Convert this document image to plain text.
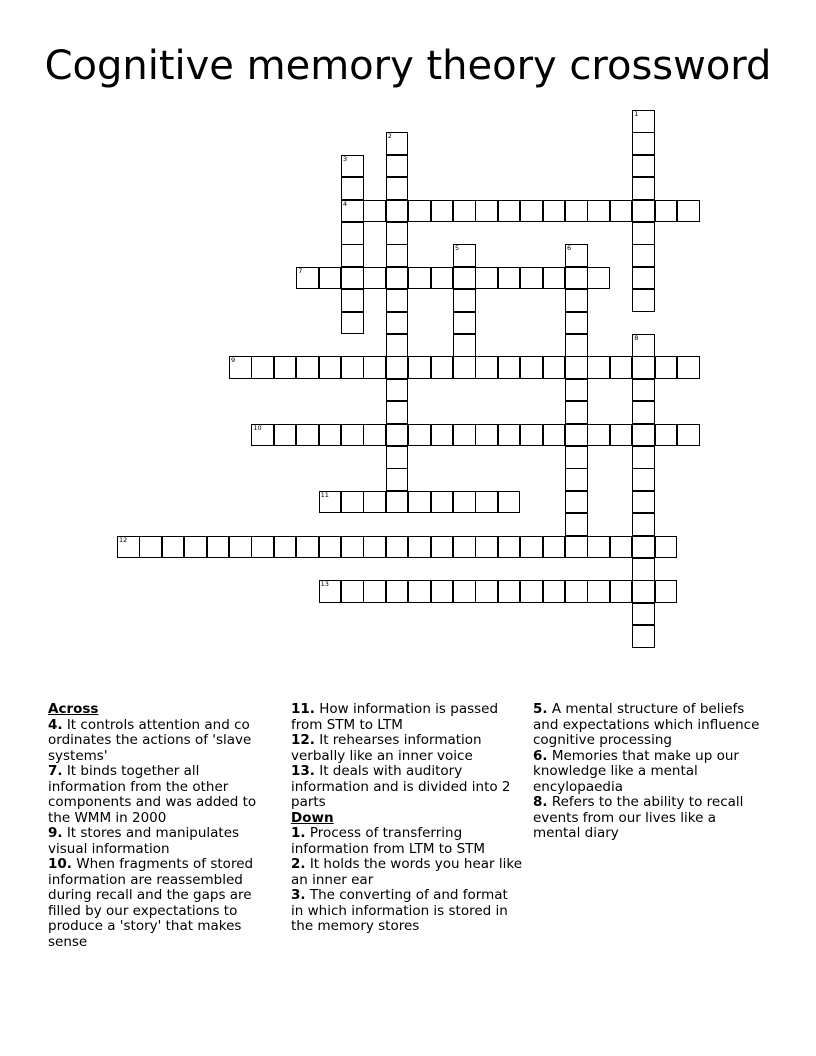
Cognitive memory theory crossword
4
7
9
10
11
12
13
1
2
3
5	6
8
Across
4. It controls attention and co ordinates the actions of 'slave systems'
7. It binds together all information from the other components and was added to the WMM in 2000
9. It stores and manipulates visual information
10. When fragments of stored information are reassembled during recall and the gaps are filled by our expectations to produce a 'story' that makes sense
11. How information is passed from STM to LTM
12. It rehearses information verbally like an inner voice
13. It deals with auditory information and is divided into 2 parts
Down
1. Process of transferring information from LTM to STM
2. It holds the words you hear like an inner ear
3. The converting of and format in which information is stored in the memory stores
5. A mental structure of beliefs and expectations which influence cognitive processing
6. Memories that make up our knowledge like a mental encylopaedia
8. Refers to the ability to recall events from our lives like a mental diary
